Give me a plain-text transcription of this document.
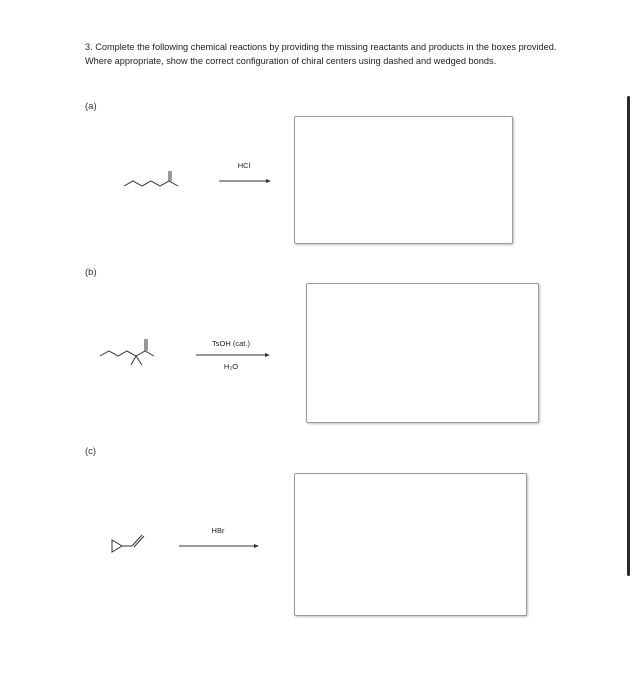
3. Complete the following chemical reactions by providing the missing reactants and products in the boxes provided. Where appropriate, show the correct configuration of chiral centers using dashed and wedged bonds.
(a)
HCl
(b)
TsOH (cat.)
H₂O
(c)
HBr
